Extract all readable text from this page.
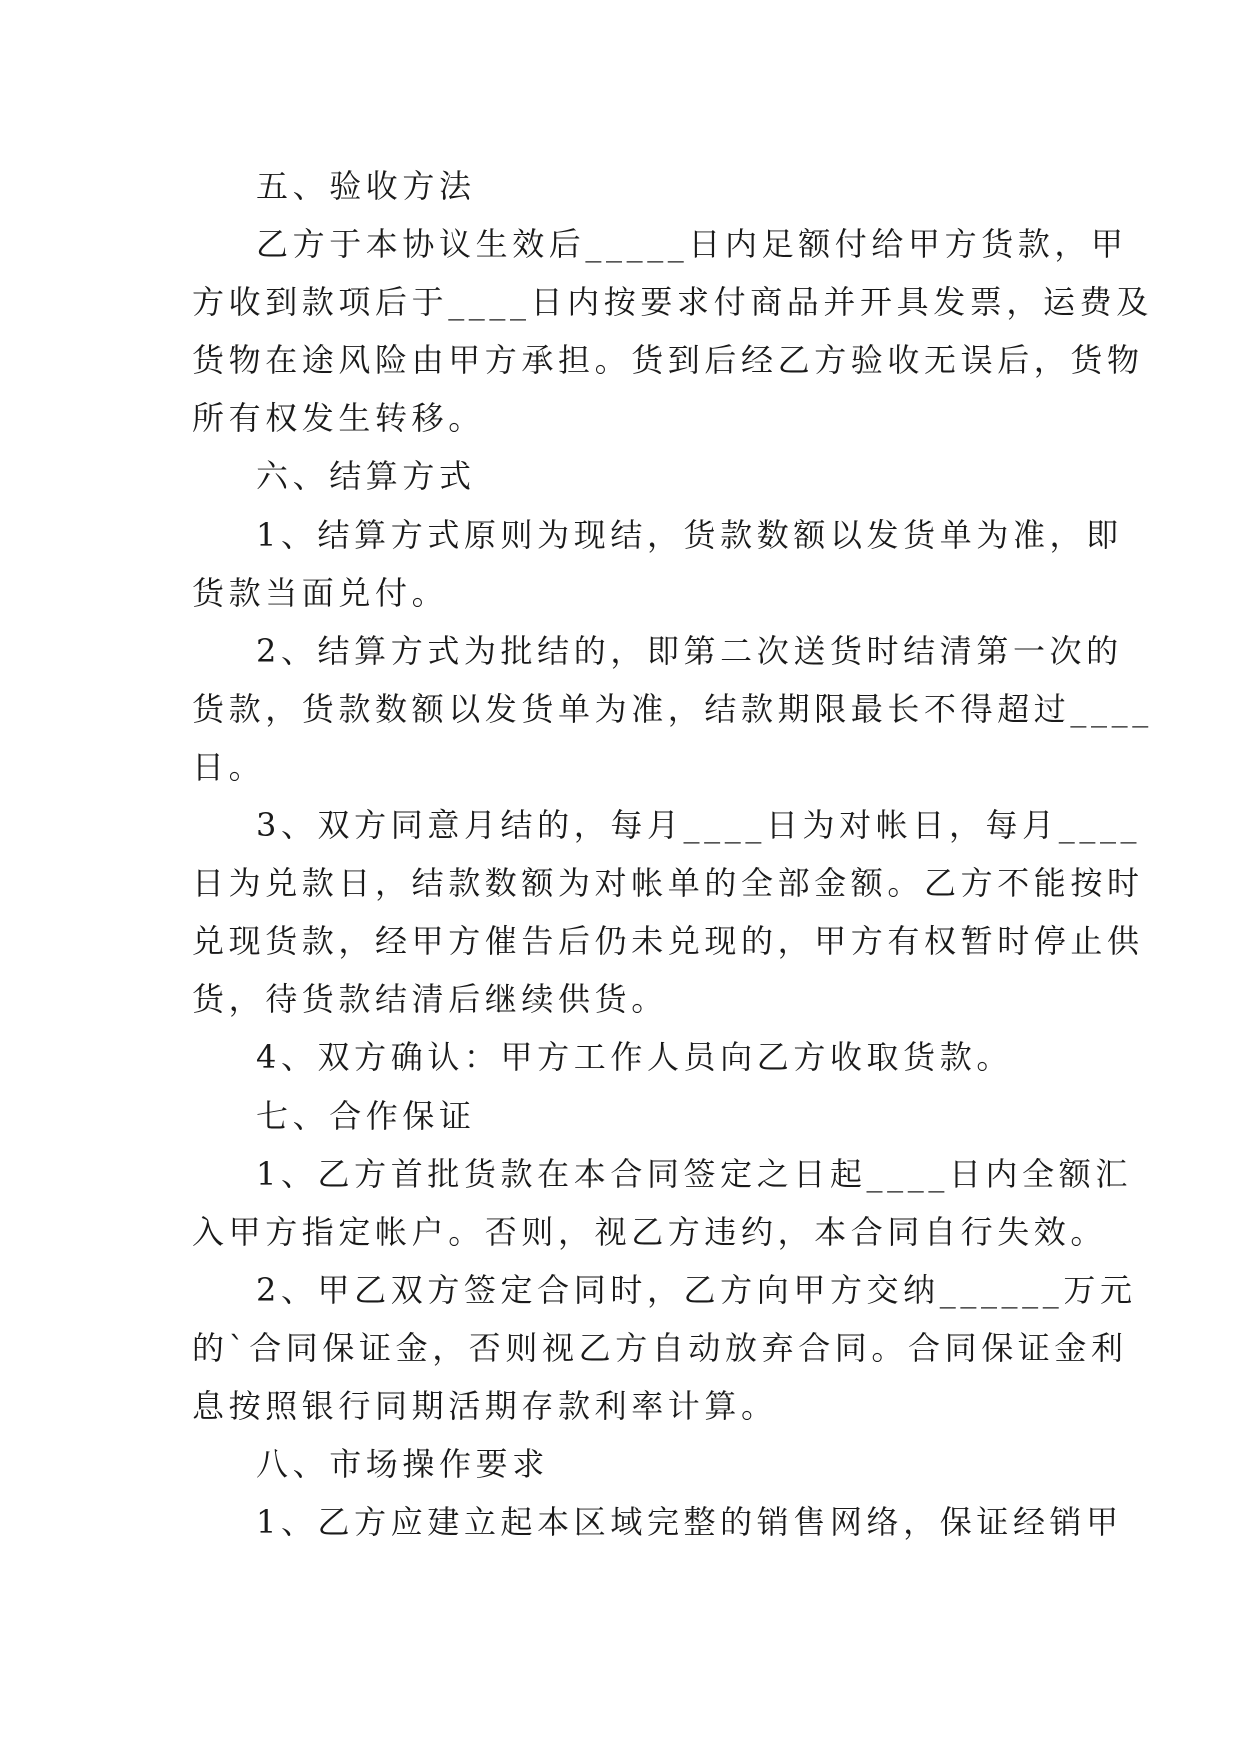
五、验收方法
乙方于本协议生效后_____日内足额付给甲方货款，甲
方收到款项后于____日内按要求付商品并开具发票，运费及
货物在途风险由甲方承担。货到后经乙方验收无误后，货物
所有权发生转移。
六、结算方式
1、结算方式原则为现结，货款数额以发货单为准，即
货款当面兑付。
2、结算方式为批结的，即第二次送货时结清第一次的
货款，货款数额以发货单为准，结款期限最长不得超过____
日。
3、双方同意月结的，每月____日为对帐日，每月____
日为兑款日，结款数额为对帐单的全部金额。乙方不能按时
兑现货款，经甲方催告后仍未兑现的，甲方有权暂时停止供
货，待货款结清后继续供货。
4、双方确认：甲方工作人员向乙方收取货款。
七、合作保证
1、乙方首批货款在本合同签定之日起____日内全额汇
入甲方指定帐户。否则，视乙方违约，本合同自行失效。
2、甲乙双方签定合同时，乙方向甲方交纳______万元
的`合同保证金，否则视乙方自动放弃合同。合同保证金利
息按照银行同期活期存款利率计算。
八、市场操作要求
1、乙方应建立起本区域完整的销售网络，保证经销甲
